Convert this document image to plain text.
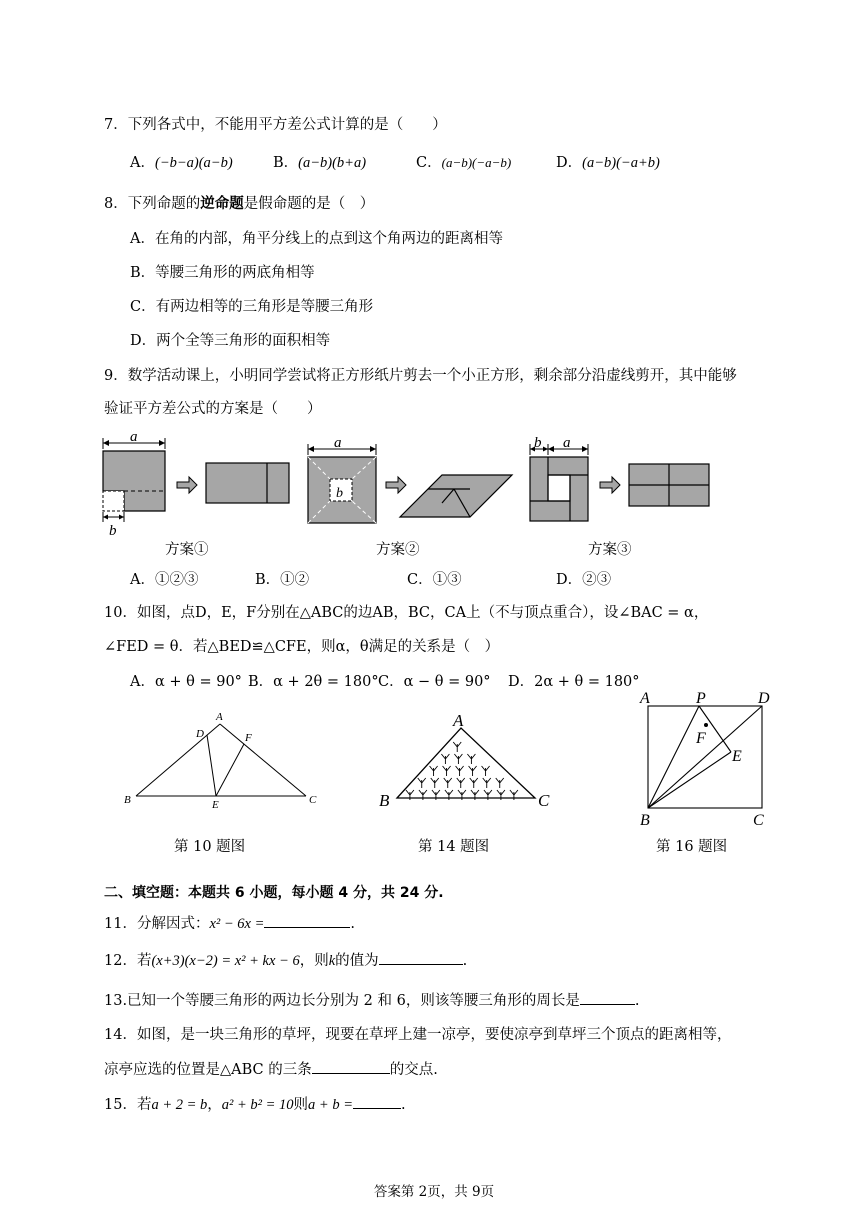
7．下列各式中，不能用平方差公式计算的是（　　）
A．(−b−a)(a−b)	B．(a−b)(b+a)	C．(a−b)(−a−b)	D．(a−b)(−a+b)
8．下列命题的逆命题是假命题的是（　）
A．在角的内部，角平分线上的点到这个角两边的距离相等
B．等腰三角形的两底角相等
C．有两边相等的三角形是等腰三角形
D．两个全等三角形的面积相等
9．数学活动课上，小明同学尝试将正方形纸片剪去一个小正方形，剩余部分沿虚线剪开，其中能够
验证平方差公式的方案是（　　）
a
b
方案①
a
b
方案②
b a
方案③
A．①②③	B．①②	C．①③	D．②③
10．如图，点D，E，F分别在△ABC的边AB，BC，CA上（不与顶点重合），设∠BAC = α，
∠FED = θ．若△BED≌△CFE，则α，θ满足的关系是（　）
A．α + θ = 90° B．α + 2θ = 180° C．α − θ = 90° D．2α + θ = 180°
A
B	C
D
E
F
第 10 题图
A
B	C
第 14 题图
A	P	D
F
E
B	C
第 16 题图
二、填空题：本题共 6 小题，每小题 4 分，共 24 分.
11．分解因式：x² − 6x =	.
12．若(x+3)(x−2) = x² + kx − 6，则k的值为	.
13.已知一个等腰三角形的两边长分别为 2 和 6，则该等腰三角形的周长是	.
14．如图，是一块三角形的草坪，现要在草坪上建一凉亭，要使凉亭到草坪三个顶点的距离相等，
凉亭应选的位置是△ABC 的三条	的交点.
15．若a + 2 = b，a² + b² = 10则a + b =	.
答案第 2页，共 9页
